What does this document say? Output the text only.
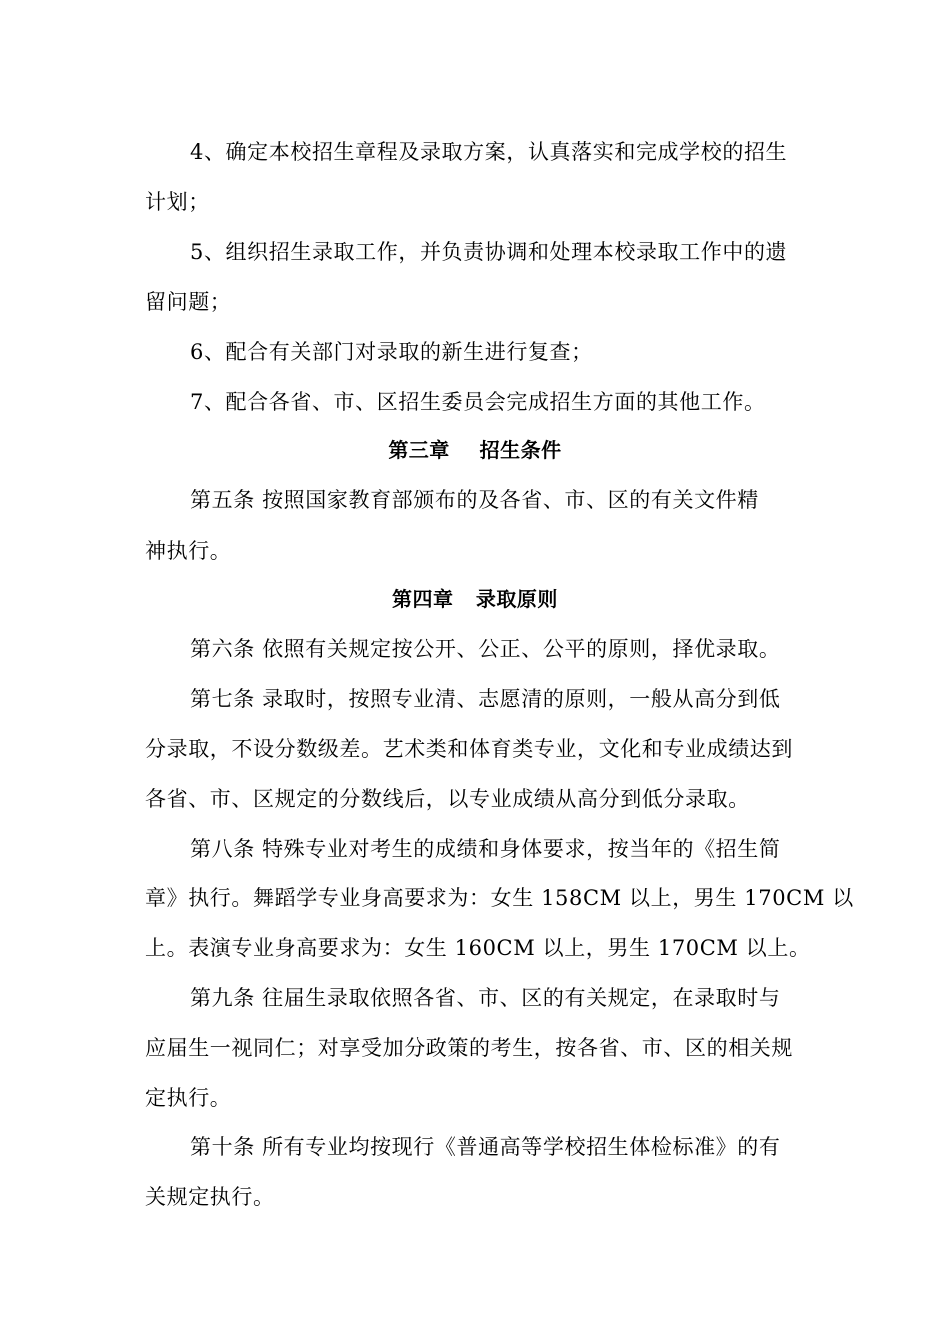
4、确定本校招生章程及录取方案，认真落实和完成学校的招生
计划；
5、组织招生录取工作，并负责协调和处理本校录取工作中的遗
留问题；
6、配合有关部门对录取的新生进行复查；
7、配合各省、市、区招生委员会完成招生方面的其他工作。
第三章    招生条件
第五条 按照国家教育部颁布的及各省、市、区的有关文件精
神执行。
第四章   录取原则
第六条 依照有关规定按公开、公正、公平的原则，择优录取。
第七条 录取时，按照专业清、志愿清的原则，一般从高分到低
分录取，不设分数级差。艺术类和体育类专业，文化和专业成绩达到
各省、市、区规定的分数线后，以专业成绩从高分到低分录取。
第八条 特殊专业对考生的成绩和身体要求，按当年的《招生简
章》执行。舞蹈学专业身高要求为：女生 158CM 以上，男生 170CM 以
上。表演专业身高要求为：女生 160CM 以上，男生 170CM 以上。
第九条 往届生录取依照各省、市、区的有关规定，在录取时与
应届生一视同仁；对享受加分政策的考生，按各省、市、区的相关规
定执行。
第十条 所有专业均按现行《普通高等学校招生体检标准》的有
关规定执行。
